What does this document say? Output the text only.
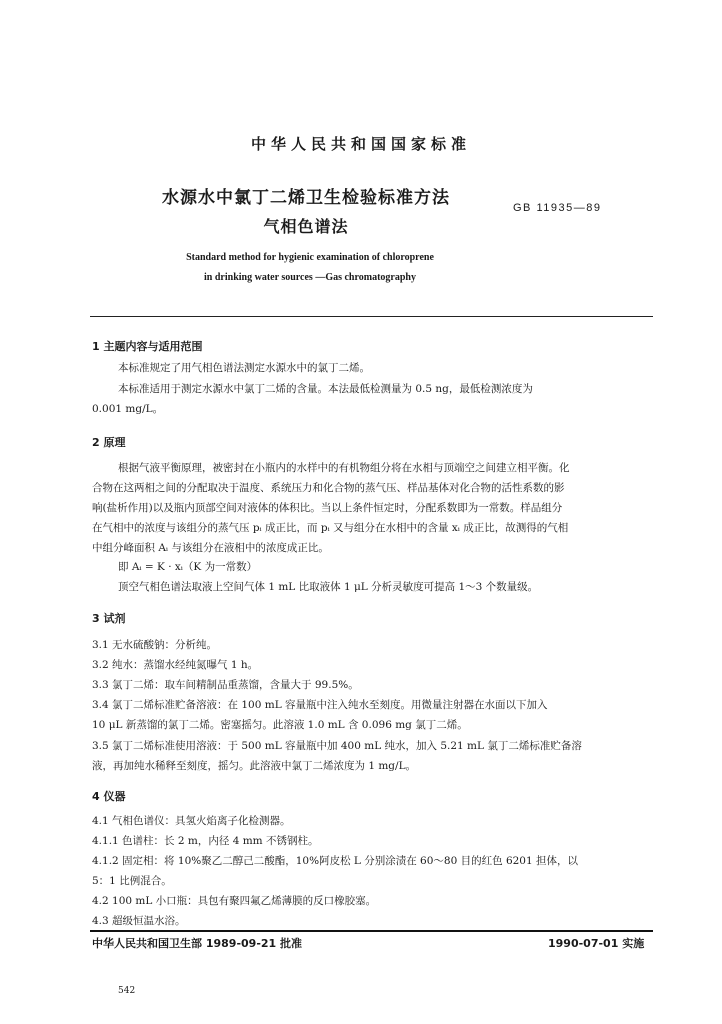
中华人民共和国国家标准
水源水中氯丁二烯卫生检验标准方法
气相色谱法
GB 11935—89
Standard method for hygienic examination of chloroprene
in drinking water sources —Gas chromatography
1 主题内容与适用范围
本标准规定了用气相色谱法测定水源水中的氯丁二烯。
本标准适用于测定水源水中氯丁二烯的含量。本法最低检测量为 0.5 ng，最低检测浓度为
0.001 mg/L。
2 原理
根据气液平衡原理，被密封在小瓶内的水样中的有机物组分将在水相与顶端空之间建立相平衡。化
合物在这两相之间的分配取决于温度、系统压力和化合物的蒸气压、样品基体对化合物的活性系数的影
响(盐析作用)以及瓶内顶部空间对液体的体积比。当以上条件恒定时，分配系数即为一常数。样品组分
在气相中的浓度与该组分的蒸气压 pᵢ 成正比，而 pᵢ 又与组分在水相中的含量 xᵢ 成正比，故测得的气相
中组分峰面积 Aᵢ 与该组分在液相中的浓度成正比。
即 Aᵢ = K · xᵢ（K 为一常数）
顶空气相色谱法取液上空间气体 1 mL 比取液体 1 μL 分析灵敏度可提高 1～3 个数量级。
3 试剂
3.1 无水硫酸钠：分析纯。
3.2 纯水：蒸馏水经纯氮曝气 1 h。
3.3 氯丁二烯：取车间精制品重蒸馏，含量大于 99.5%。
3.4 氯丁二烯标准贮备溶液：在 100 mL 容量瓶中注入纯水至刻度。用微量注射器在水面以下加入
10 μL 新蒸馏的氯丁二烯。密塞摇匀。此溶液 1.0 mL 含 0.096 mg 氯丁二烯。
3.5 氯丁二烯标准使用溶液：于 500 mL 容量瓶中加 400 mL 纯水，加入 5.21 mL 氯丁二烯标准贮备溶
液，再加纯水稀释至刻度，摇匀。此溶液中氯丁二烯浓度为 1 mg/L。
4 仪器
4.1 气相色谱仪：具氢火焰离子化检测器。
4.1.1 色谱柱：长 2 m，内径 4 mm 不锈钢柱。
4.1.2 固定相：将 10%聚乙二醇己二酸酯，10%阿皮松 L 分别涂渍在 60～80 目的红色 6201 担体，以
5：1 比例混合。
4.2 100 mL 小口瓶：具包有聚四氟乙烯薄膜的反口橡胶塞。
4.3 超级恒温水浴。
中华人民共和国卫生部 1989-09-21 批准	1990-07-01 实施
542
